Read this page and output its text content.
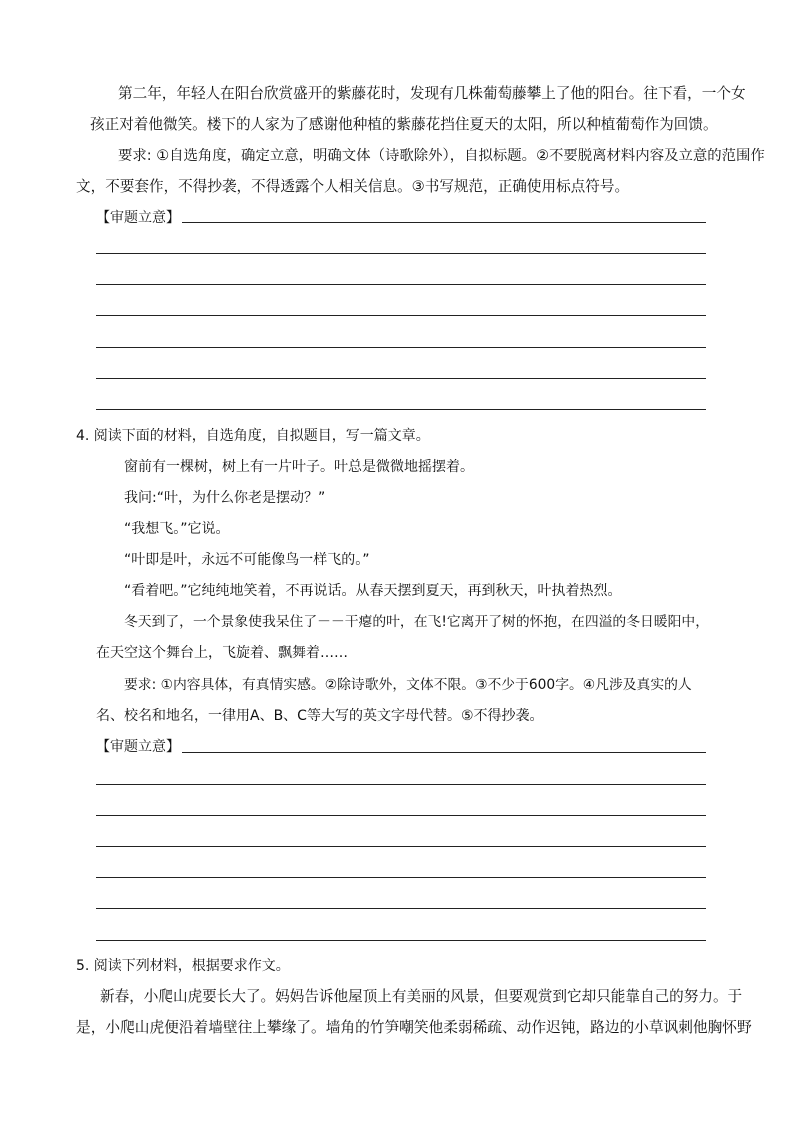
第二年，年轻人在阳台欣赏盛开的紫藤花时，发现有几株葡萄藤攀上了他的阳台。往下看，一个女
孩正对着他微笑。楼下的人家为了感谢他种植的紫藤花挡住夏天的太阳，所以种植葡萄作为回馈。
要求: ①自选角度，确定立意，明确文体（诗歌除外），自拟标题。②不要脱离材料内容及立意的范围作
文，不要套作，不得抄袭，不得透露个人相关信息。③书写规范，正确使用标点符号。
【审题立意】
4. 阅读下面的材料，自选角度，自拟题目，写一篇文章。
窗前有一棵树，树上有一片叶子。叶总是微微地摇摆着。
我问:“叶，为什么你老是摆动？”
“我想飞。”它说。
“叶即是叶，永远不可能像鸟一样飞的。”
“看着吧。”它纯纯地笑着，不再说话。从春天摆到夏天，再到秋天，叶执着热烈。
冬天到了，一个景象使我呆住了－－干瘪的叶，在飞!它离开了树的怀抱，在四溢的冬日暖阳中，
在天空这个舞台上，飞旋着、飘舞着……
要求: ①内容具体，有真情实感。②除诗歌外，文体不限。③不少于600字。④凡涉及真实的人
名、校名和地名，一律用A、B、C等大写的英文字母代替。⑤不得抄袭。
【审题立意】
5. 阅读下列材料，根据要求作文。
新春，小爬山虎要长大了。妈妈告诉他屋顶上有美丽的风景，但要观赏到它却只能靠自己的努力。于
是，小爬山虎便沿着墙壁往上攀缘了。墙角的竹笋嘲笑他柔弱稀疏、动作迟钝，路边的小草讽刺他胸怀野
